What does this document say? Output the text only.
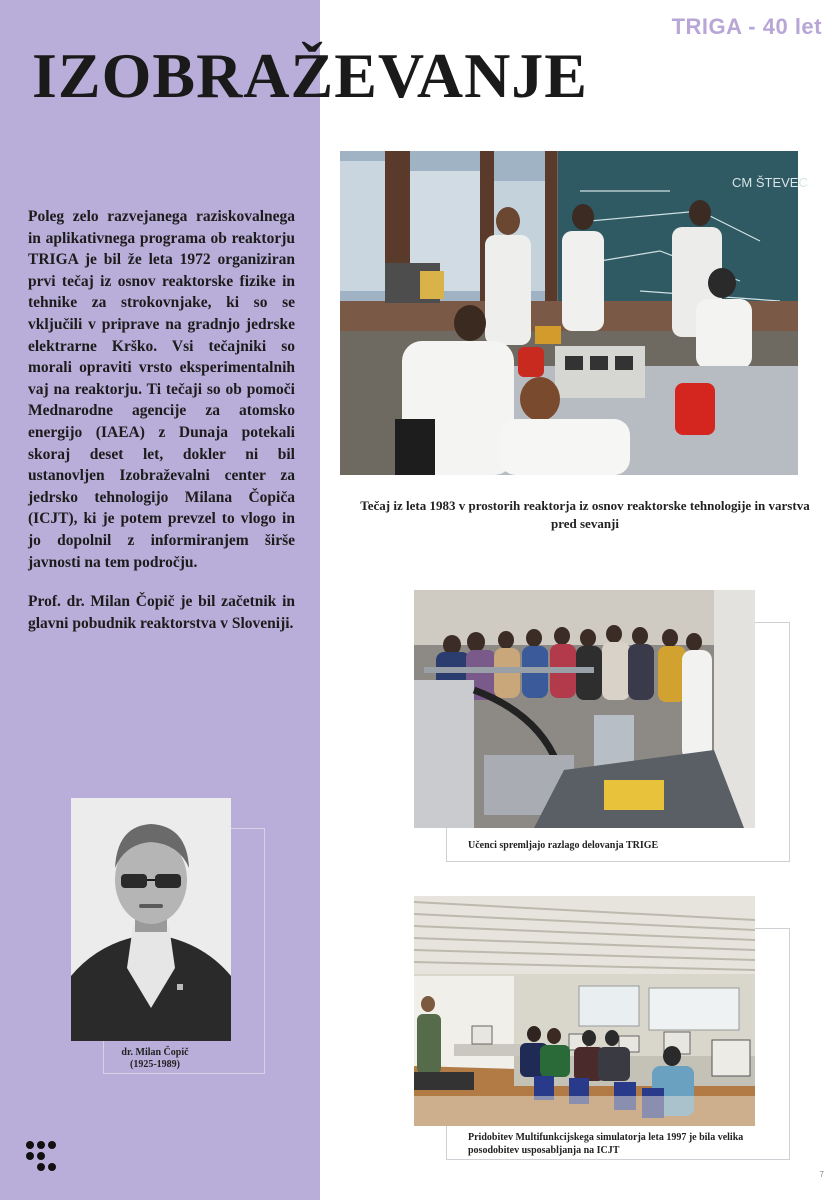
TRIGA - 40 let
IZOBRAŽEVANJE

Poleg zelo razvejanega raziskovalnega in aplikativnega programa ob reaktorju TRIGA je bil že leta 1972 organiziran prvi tečaj iz osnov reaktorske fizike in tehnike za strokovnjake, ki so se vključili v priprave na gradnjo jedrske elektrarne Krško. Vsi tečajniki so morali opraviti vrsto eksperimentalnih vaj na reaktorju. Ti tečaji so ob pomoči Mednarodne agencije za atomsko energijo (IAEA) z Dunaja potekali skoraj deset let, dokler ni bil ustanovljen Izobraževalni center za jedrsko tehnologijo Milana Čopiča (ICJT), ki je potem prevzel to vlogo in jo dopolnil z informiranjem širše javnosti na tem področju.

Prof. dr. Milan Čopič je bil začetnik in glavni pobudnik reaktorstva v Sloveniji.

CM ŠTEVEC
Tečaj iz leta 1983 v prostorih reaktorja iz osnov reaktorske tehnologije in varstva pred sevanji
Učenci spremljajo razlago delovanja TRIGE
Pridobitev Multifunkcijskega simulatorja leta 1997 je bila velika posodobitev usposabljanja na ICJT
dr. Milan Čopič
(1925-1989)
7
